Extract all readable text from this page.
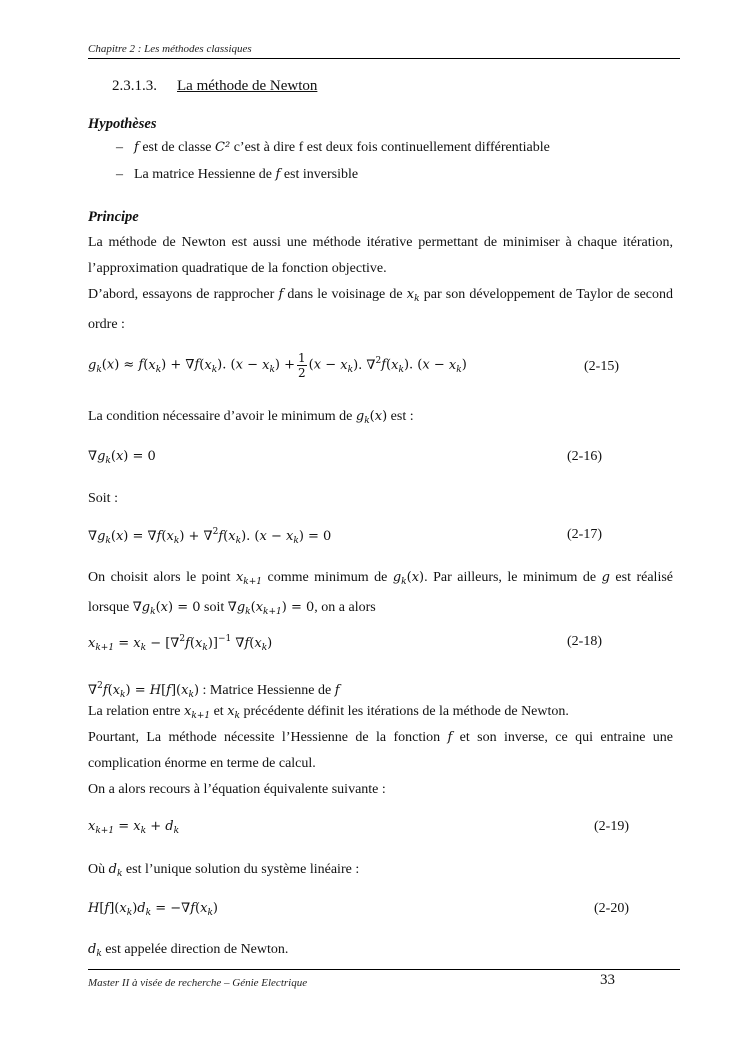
Chapitre 2 : Les méthodes classiques
2.3.1.3. La méthode de Newton
Hypothèses
– f est de classe C² c’est à dire f est deux fois continuellement différentiable
– La matrice Hessienne de f est inversible
Principe
La méthode de Newton est aussi une méthode itérative permettant de minimiser à chaque itération, l’approximation quadratique de la fonction objective.
D’abord, essayons de rapprocher f dans le voisinage de $x_k$ par son développement de Taylor de second ordre :
$g_k(x) \approx f(x_k) + \nabla f(x_k)$. $(x - x_k) + \frac{1}{2} (x - x_k)$. $\nabla^2f(x_k)$. $(x - x_k)$	(2-15)
La condition nécessaire d’avoir le minimum de $g_k(x)$ est :
$\nabla g_k(x) = 0$	(2-16)
Soit :
$\nabla g_k(x) = \nabla f(x_k) + \nabla^2f(x_k)$. $(x - x_k) = 0$	(2-17)
On choisit alors le point $x_{k+1}$ comme minimum de $g_k(x)$. Par ailleurs, le minimum de g est réalisé lorsque $\nabla g_k(x) = 0$ soit $\nabla g_k(x_{k+1}) = 0$, on a alors
$x_{k+1} = x_k - [\nabla^2f(x_k)]^{-1}$ $\nabla f(x_k)$	(2-18)
$\nabla^2f(x_k) = H[f](x_k)$ : Matrice Hessienne de f
La relation entre $x_{k+1}$ et $x_k$ précédente définit les itérations de la méthode de Newton.
Pourtant, La méthode nécessite l’Hessienne de la fonction f et son inverse, ce qui entraine une complication énorme en terme de calcul.
On a alors recours à l’équation équivalente suivante :
$x_{k+1} = x_k + d_k$	(2-19)
Où $d_k$ est l’unique solution du système linéaire :
$H[f](x_k)d_k = -\nabla f(x_k)$	(2-20)
$d_k$ est appelée direction de Newton.
Master II à visée de recherche – Génie Electrique	33
